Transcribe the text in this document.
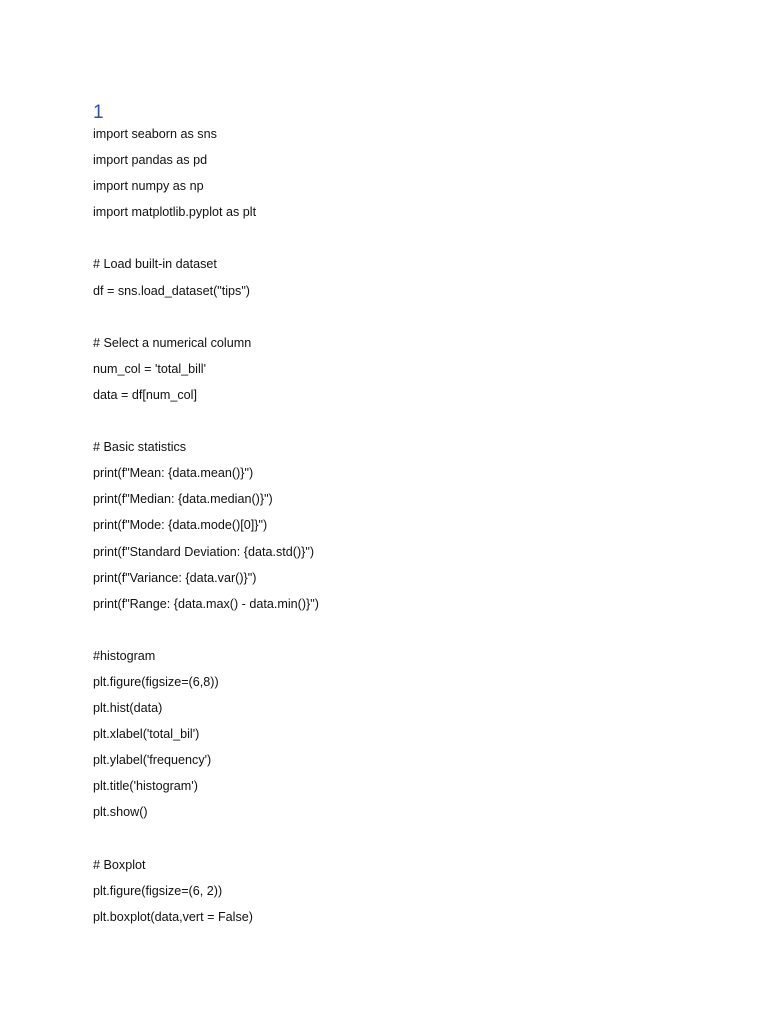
1
import seaborn as sns
import pandas as pd
import numpy as np
import matplotlib.pyplot as plt
# Load built-in dataset
df = sns.load_dataset("tips")
# Select a numerical column
num_col = 'total_bill'
data = df[num_col]
# Basic statistics
print(f"Mean: {data.mean()}")
print(f"Median: {data.median()}")
print(f"Mode: {data.mode()[0]}")
print(f"Standard Deviation: {data.std()}")
print(f"Variance: {data.var()}")
print(f"Range: {data.max() - data.min()}")
#histogram
plt.figure(figsize=(6,8))
plt.hist(data)
plt.xlabel('total_bil')
plt.ylabel('frequency')
plt.title('histogram')
plt.show()
# Boxplot
plt.figure(figsize=(6, 2))
plt.boxplot(data,vert = False)
